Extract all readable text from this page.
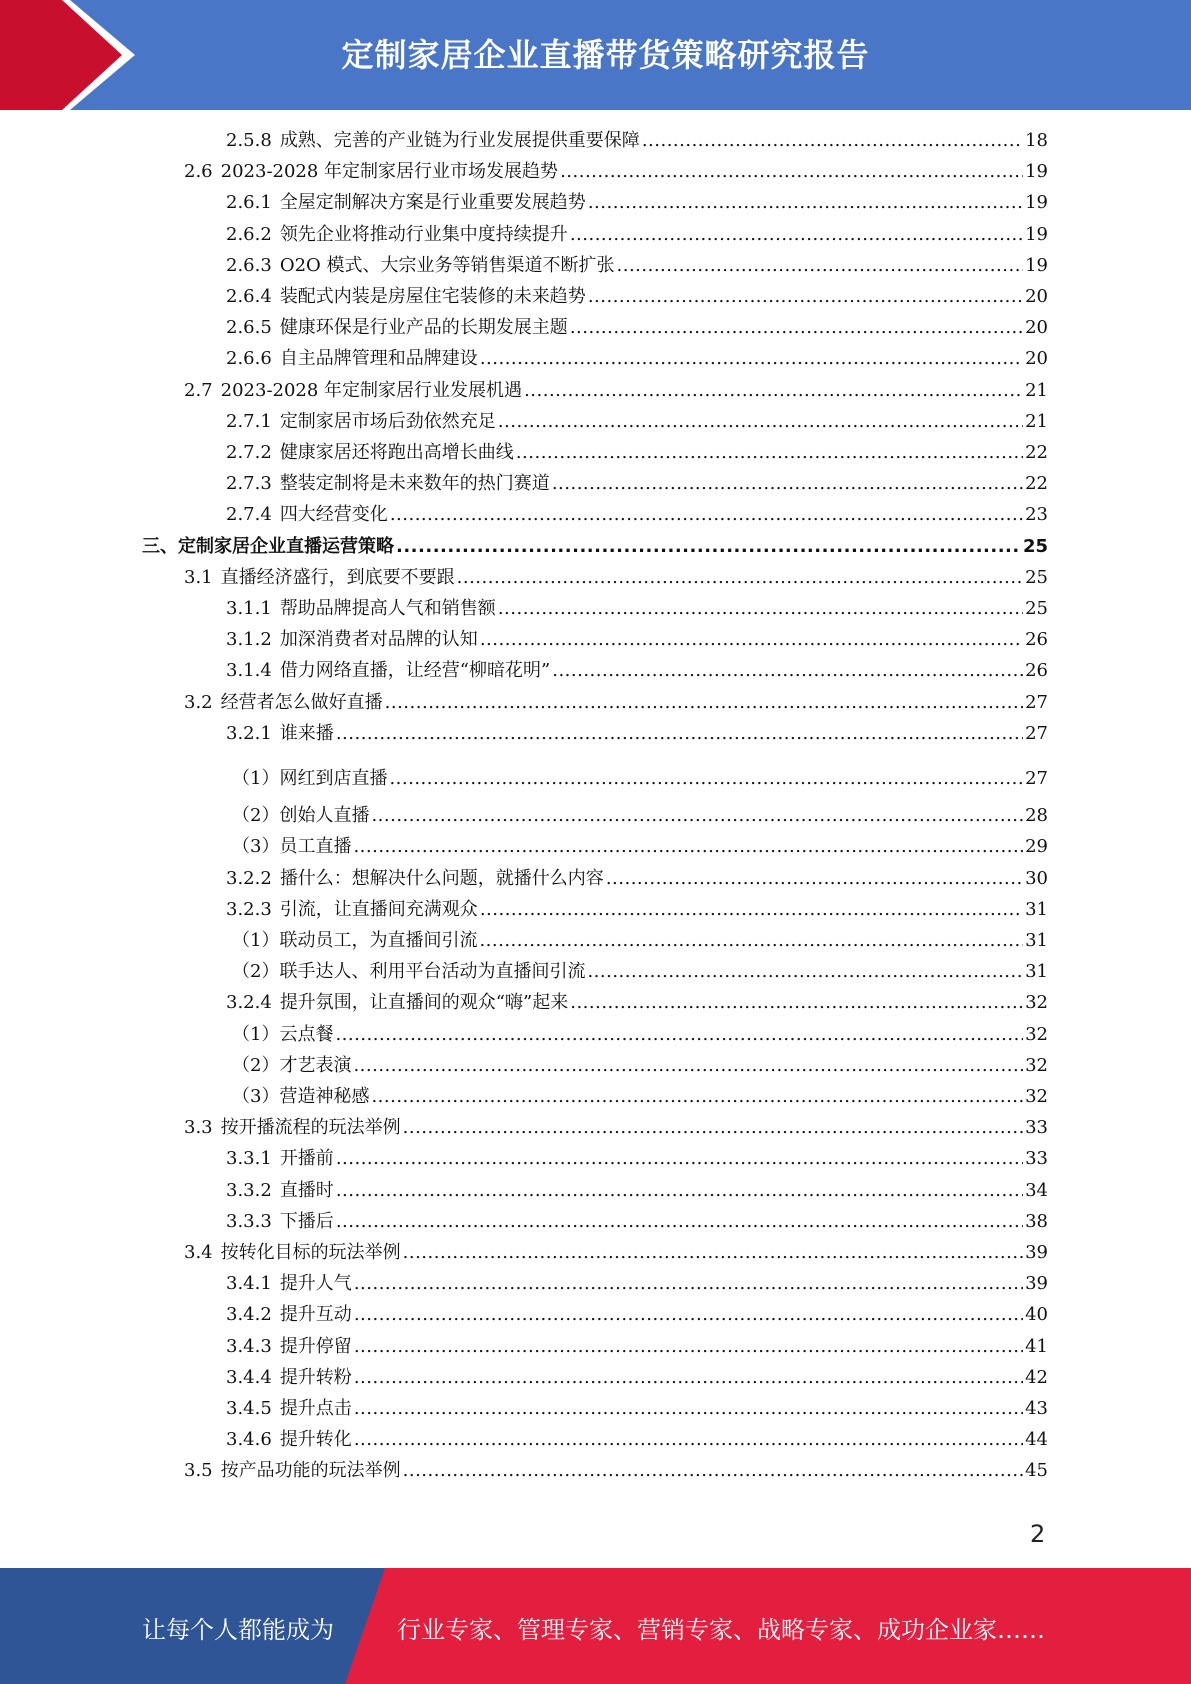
定制家居企业直播带货策略研究报告
2.5.8 成熟、完善的产业链为行业发展提供重要保障 .....	18
2.6 2023-2028 年定制家居行业市场发展趋势 .....	19
2.6.1 全屋定制解决方案是行业重要发展趋势 .....	19
2.6.2 领先企业将推动行业集中度持续提升 .....	19
2.6.3 O2O 模式、大宗业务等销售渠道不断扩张 .....	19
2.6.4 装配式内装是房屋住宅装修的未来趋势 .....	20
2.6.5 健康环保是行业产品的长期发展主题 .....	20
2.6.6 自主品牌管理和品牌建设 .....	20
2.7 2023-2028 年定制家居行业发展机遇 .....	21
2.7.1 定制家居市场后劲依然充足 .....	21
2.7.2 健康家居还将跑出高增长曲线 .....	22
2.7.3 整装定制将是未来数年的热门赛道 .....	22
2.7.4 四大经营变化 .....	23
三、 定制家居企业直播运营策略 .....	25
3.1 直播经济盛行，到底要不要跟 .....	25
3.1.1 帮助品牌提高人气和销售额 .....	25
3.1.2 加深消费者对品牌的认知 .....	26
3.1.4 借力网络直播，让经营“柳暗花明” .....	26
3.2 经营者怎么做好直播 .....	27
3.2.1 谁来播 .....	27
（1） 网红到店直播 .....	27
（2） 创始人直播 .....	28
（3） 员工直播 .....	29
3.2.2 播什么：想解决什么问题，就播什么内容 .....	30
3.2.3 引流，让直播间充满观众 .....	31
（1） 联动员工，为直播间引流 .....	31
（2） 联手达人、利用平台活动为直播间引流 .....	31
3.2.4 提升氛围，让直播间的观众“嗨”起来 .....	32
（1） 云点餐 .....	32
（2） 才艺表演 .....	32
（3） 营造神秘感 .....	32
3.3 按开播流程的玩法举例 .....	33
3.3.1 开播前 .....	33
3.3.2 直播时 .....	34
3.3.3 下播后 .....	38
3.4 按转化目标的玩法举例 .....	39
3.4.1 提升人气 .....	39
3.4.2 提升互动 .....	40
3.4.3 提升停留 .....	41
3.4.4 提升转粉 .....	42
3.4.5 提升点击 .....	43
3.4.6 提升转化 .....	44
3.5 按产品功能的玩法举例 .....	45
2
让每个人都能成为	行业专家、管理专家、营销专家、战略专家、成功企业家……
